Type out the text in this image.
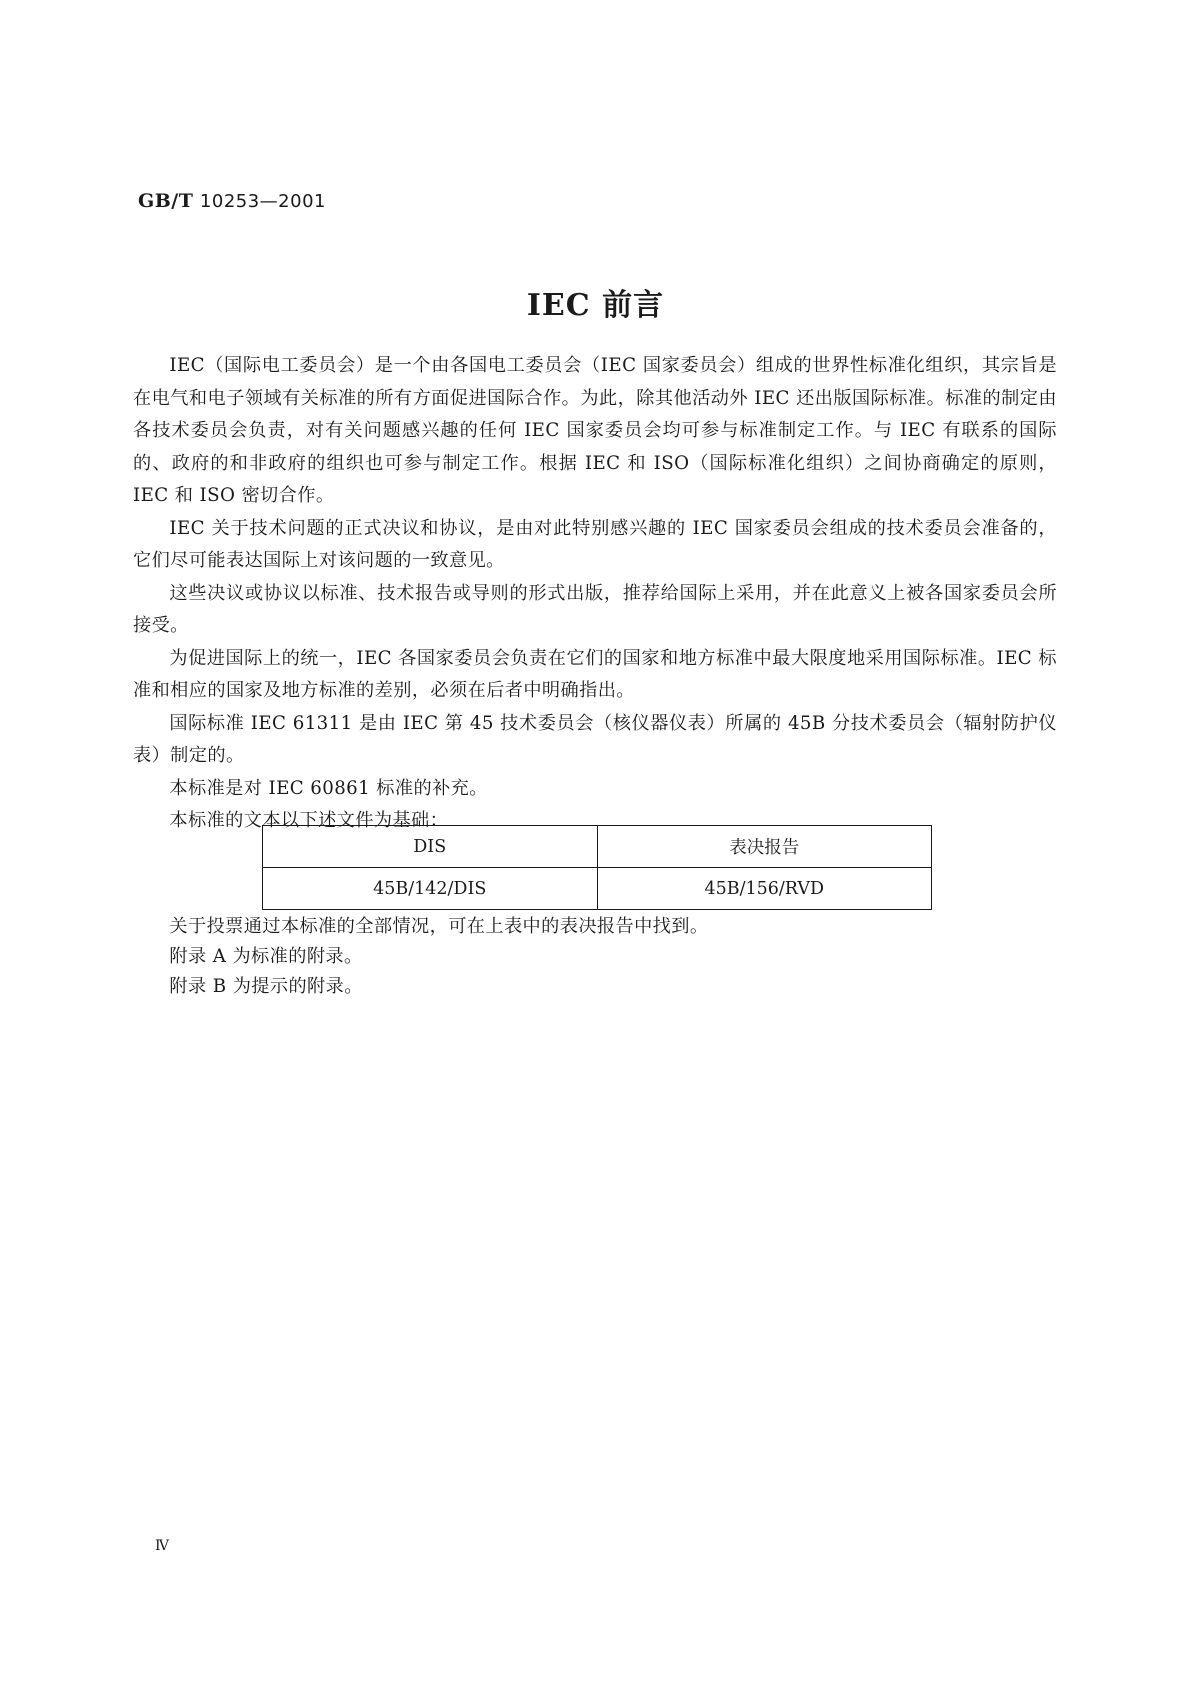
GB/T 10253—2001
IEC 前言

IEC（国际电工委员会）是一个由各国电工委员会（IEC 国家委员会）组成的世界性标准化组织，其宗旨是在电气和电子领域有关标准的所有方面促进国际合作。为此，除其他活动外 IEC 还出版国际标准。标准的制定由各技术委员会负责，对有关问题感兴趣的任何 IEC 国家委员会均可参与标准制定工作。与 IEC 有联系的国际的、政府的和非政府的组织也可参与制定工作。根据 IEC 和 ISO（国际标准化组织）之间协商确定的原则，IEC 和 ISO 密切合作。

IEC 关于技术问题的正式决议和协议，是由对此特别感兴趣的 IEC 国家委员会组成的技术委员会准备的，它们尽可能表达国际上对该问题的一致意见。

这些决议或协议以标准、技术报告或导则的形式出版，推荐给国际上采用，并在此意义上被各国家委员会所接受。

为促进国际上的统一，IEC 各国家委员会负责在它们的国家和地方标准中最大限度地采用国际标准。IEC 标准和相应的国家及地方标准的差别，必须在后者中明确指出。

国际标准 IEC 61311 是由 IEC 第 45 技术委员会（核仪器仪表）所属的 45B 分技术委员会（辐射防护仪表）制定的。

本标准是对 IEC 60861 标准的补充。

本标准的文本以下述文件为基础：

DIS	表决报告
45B/142/DIS	45B/156/RVD

关于投票通过本标准的全部情况，可在上表中的表决报告中找到。

附录 A 为标准的附录。

附录 B 为提示的附录。

Ⅳ
